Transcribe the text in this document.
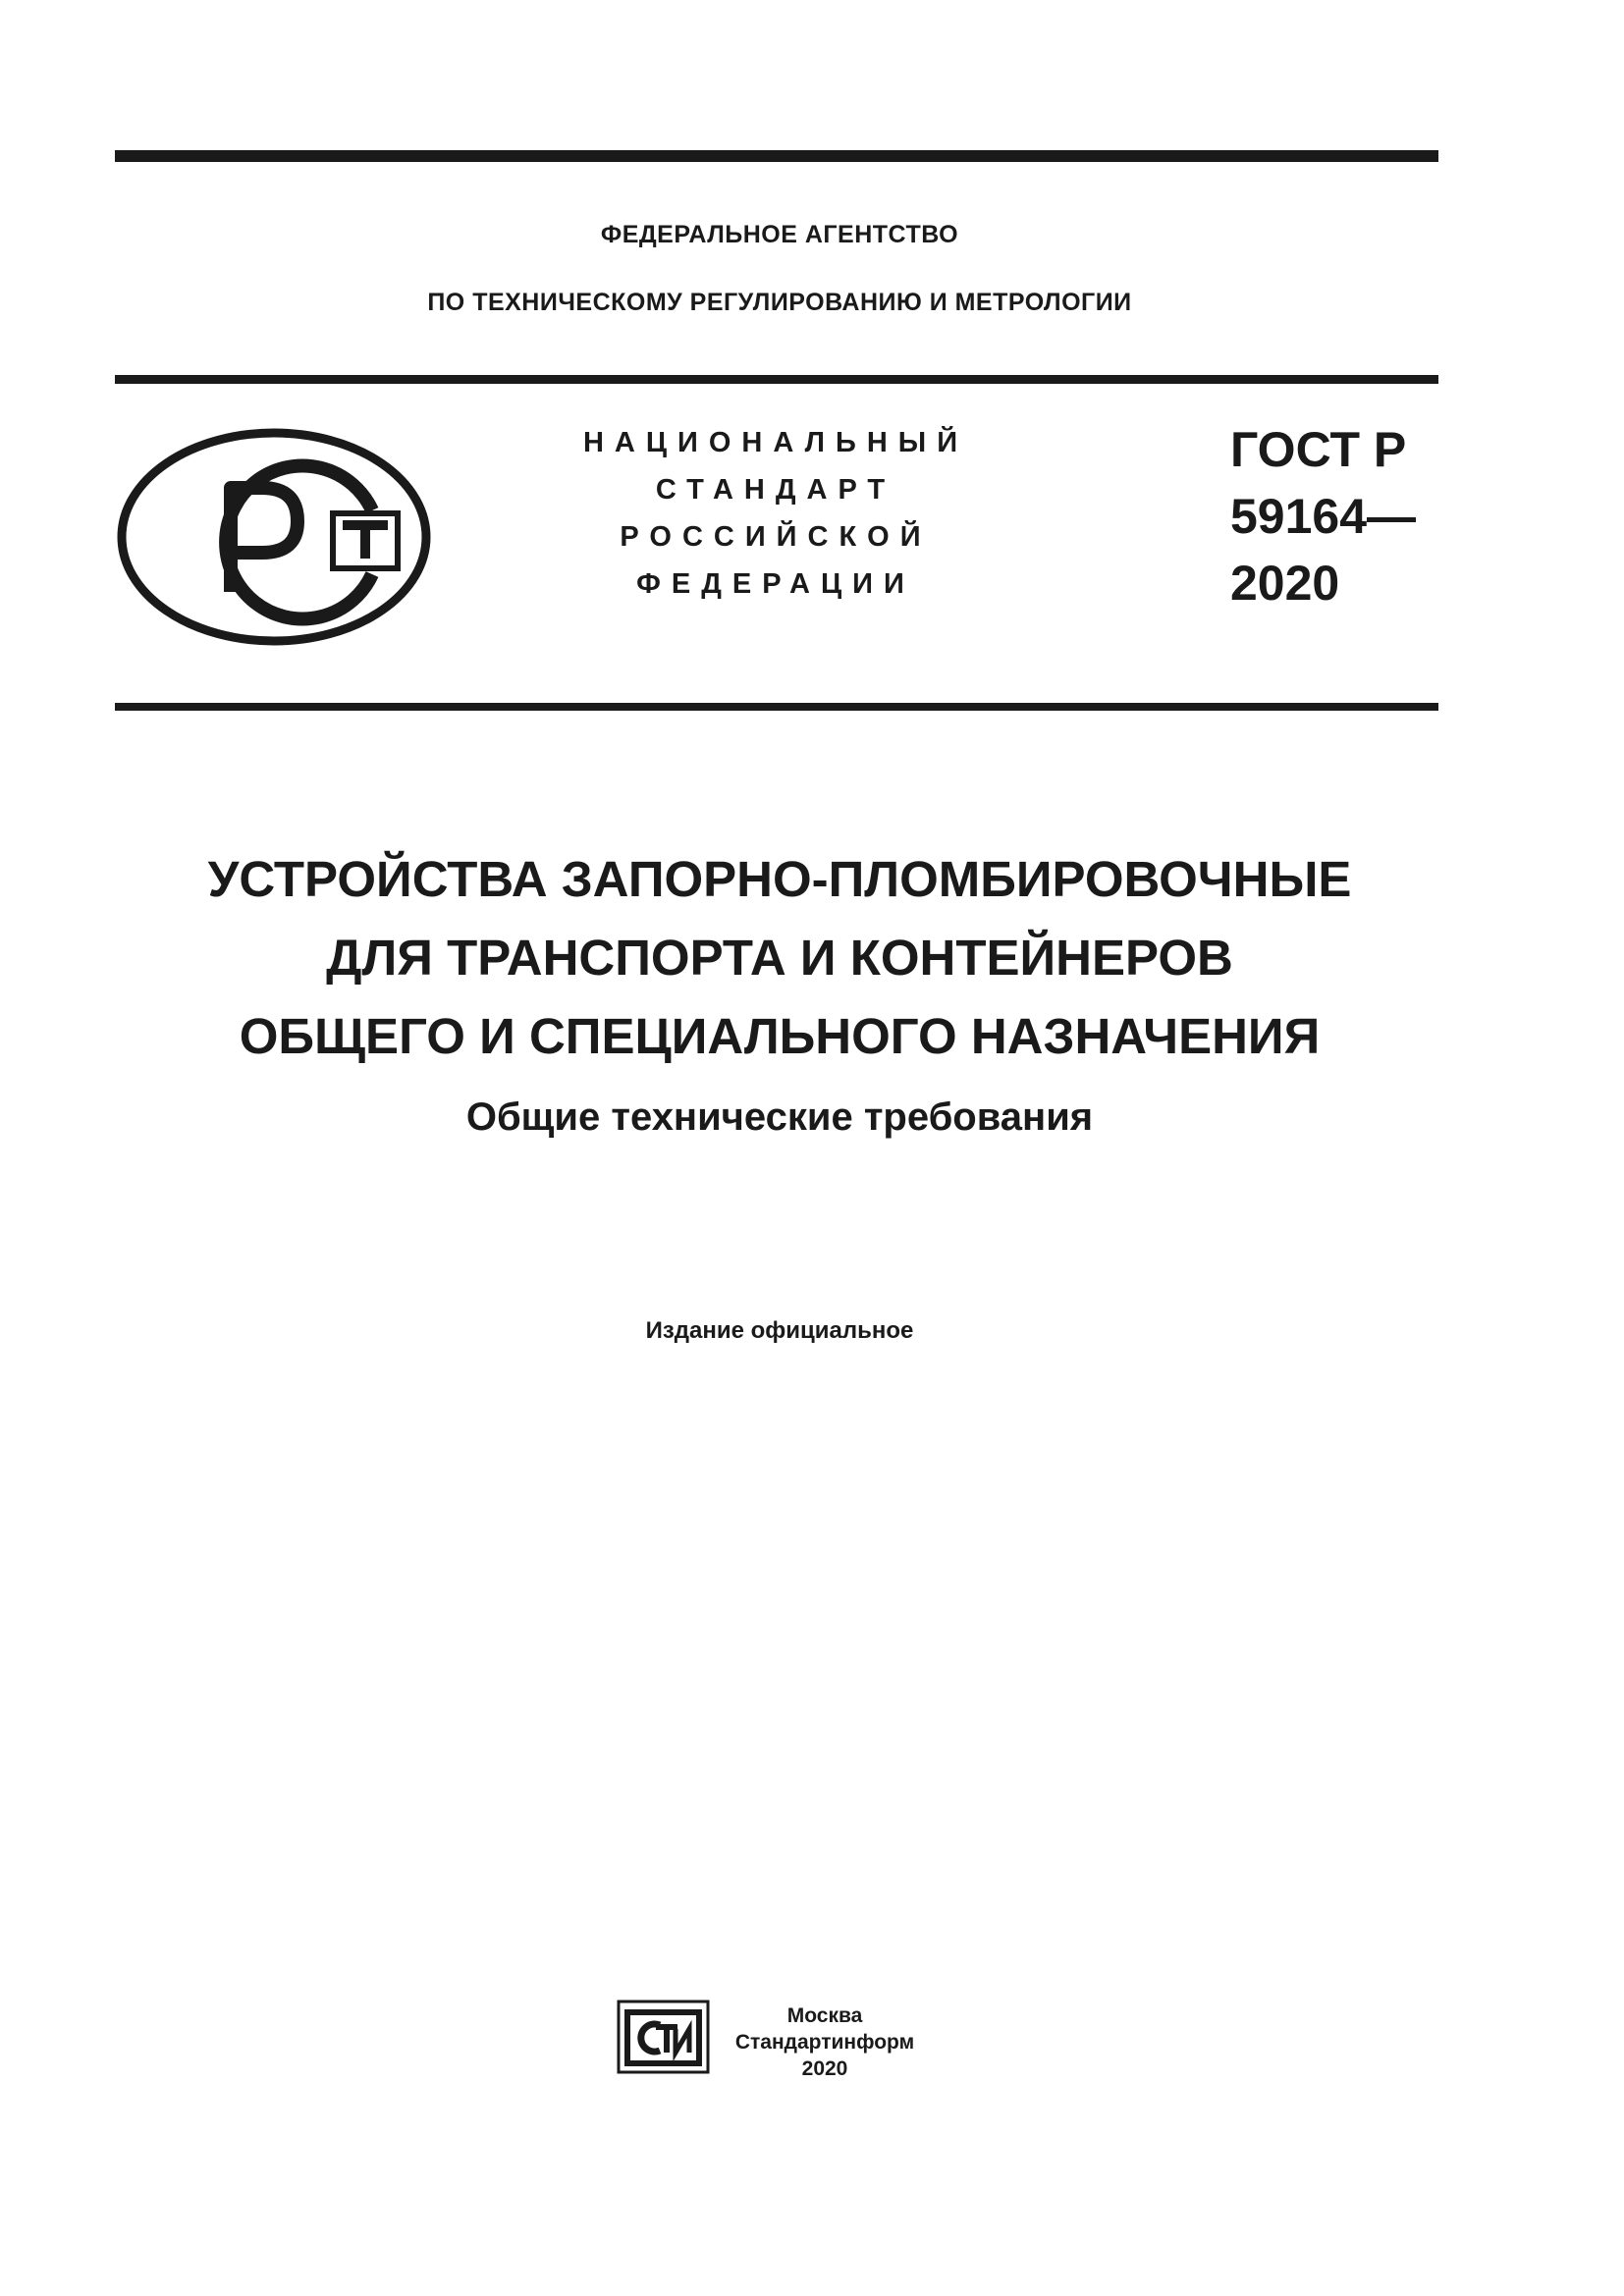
ФЕДЕРАЛЬНОЕ АГЕНТСТВО
ПО ТЕХНИЧЕСКОМУ РЕГУЛИРОВАНИЮ И МЕТРОЛОГИИ
НАЦИОНАЛЬНЫЙ
СТАНДАРТ
РОССИЙСКОЙ
ФЕДЕРАЦИИ
ГОСТ Р
59164—
2020
УСТРОЙСТВА ЗАПОРНО-ПЛОМБИРОВОЧНЫЕ
ДЛЯ ТРАНСПОРТА И КОНТЕЙНЕРОВ
ОБЩЕГО И СПЕЦИАЛЬНОГО НАЗНАЧЕНИЯ
Общие технические требования
Издание официальное
Москва
Стандартинформ
2020
